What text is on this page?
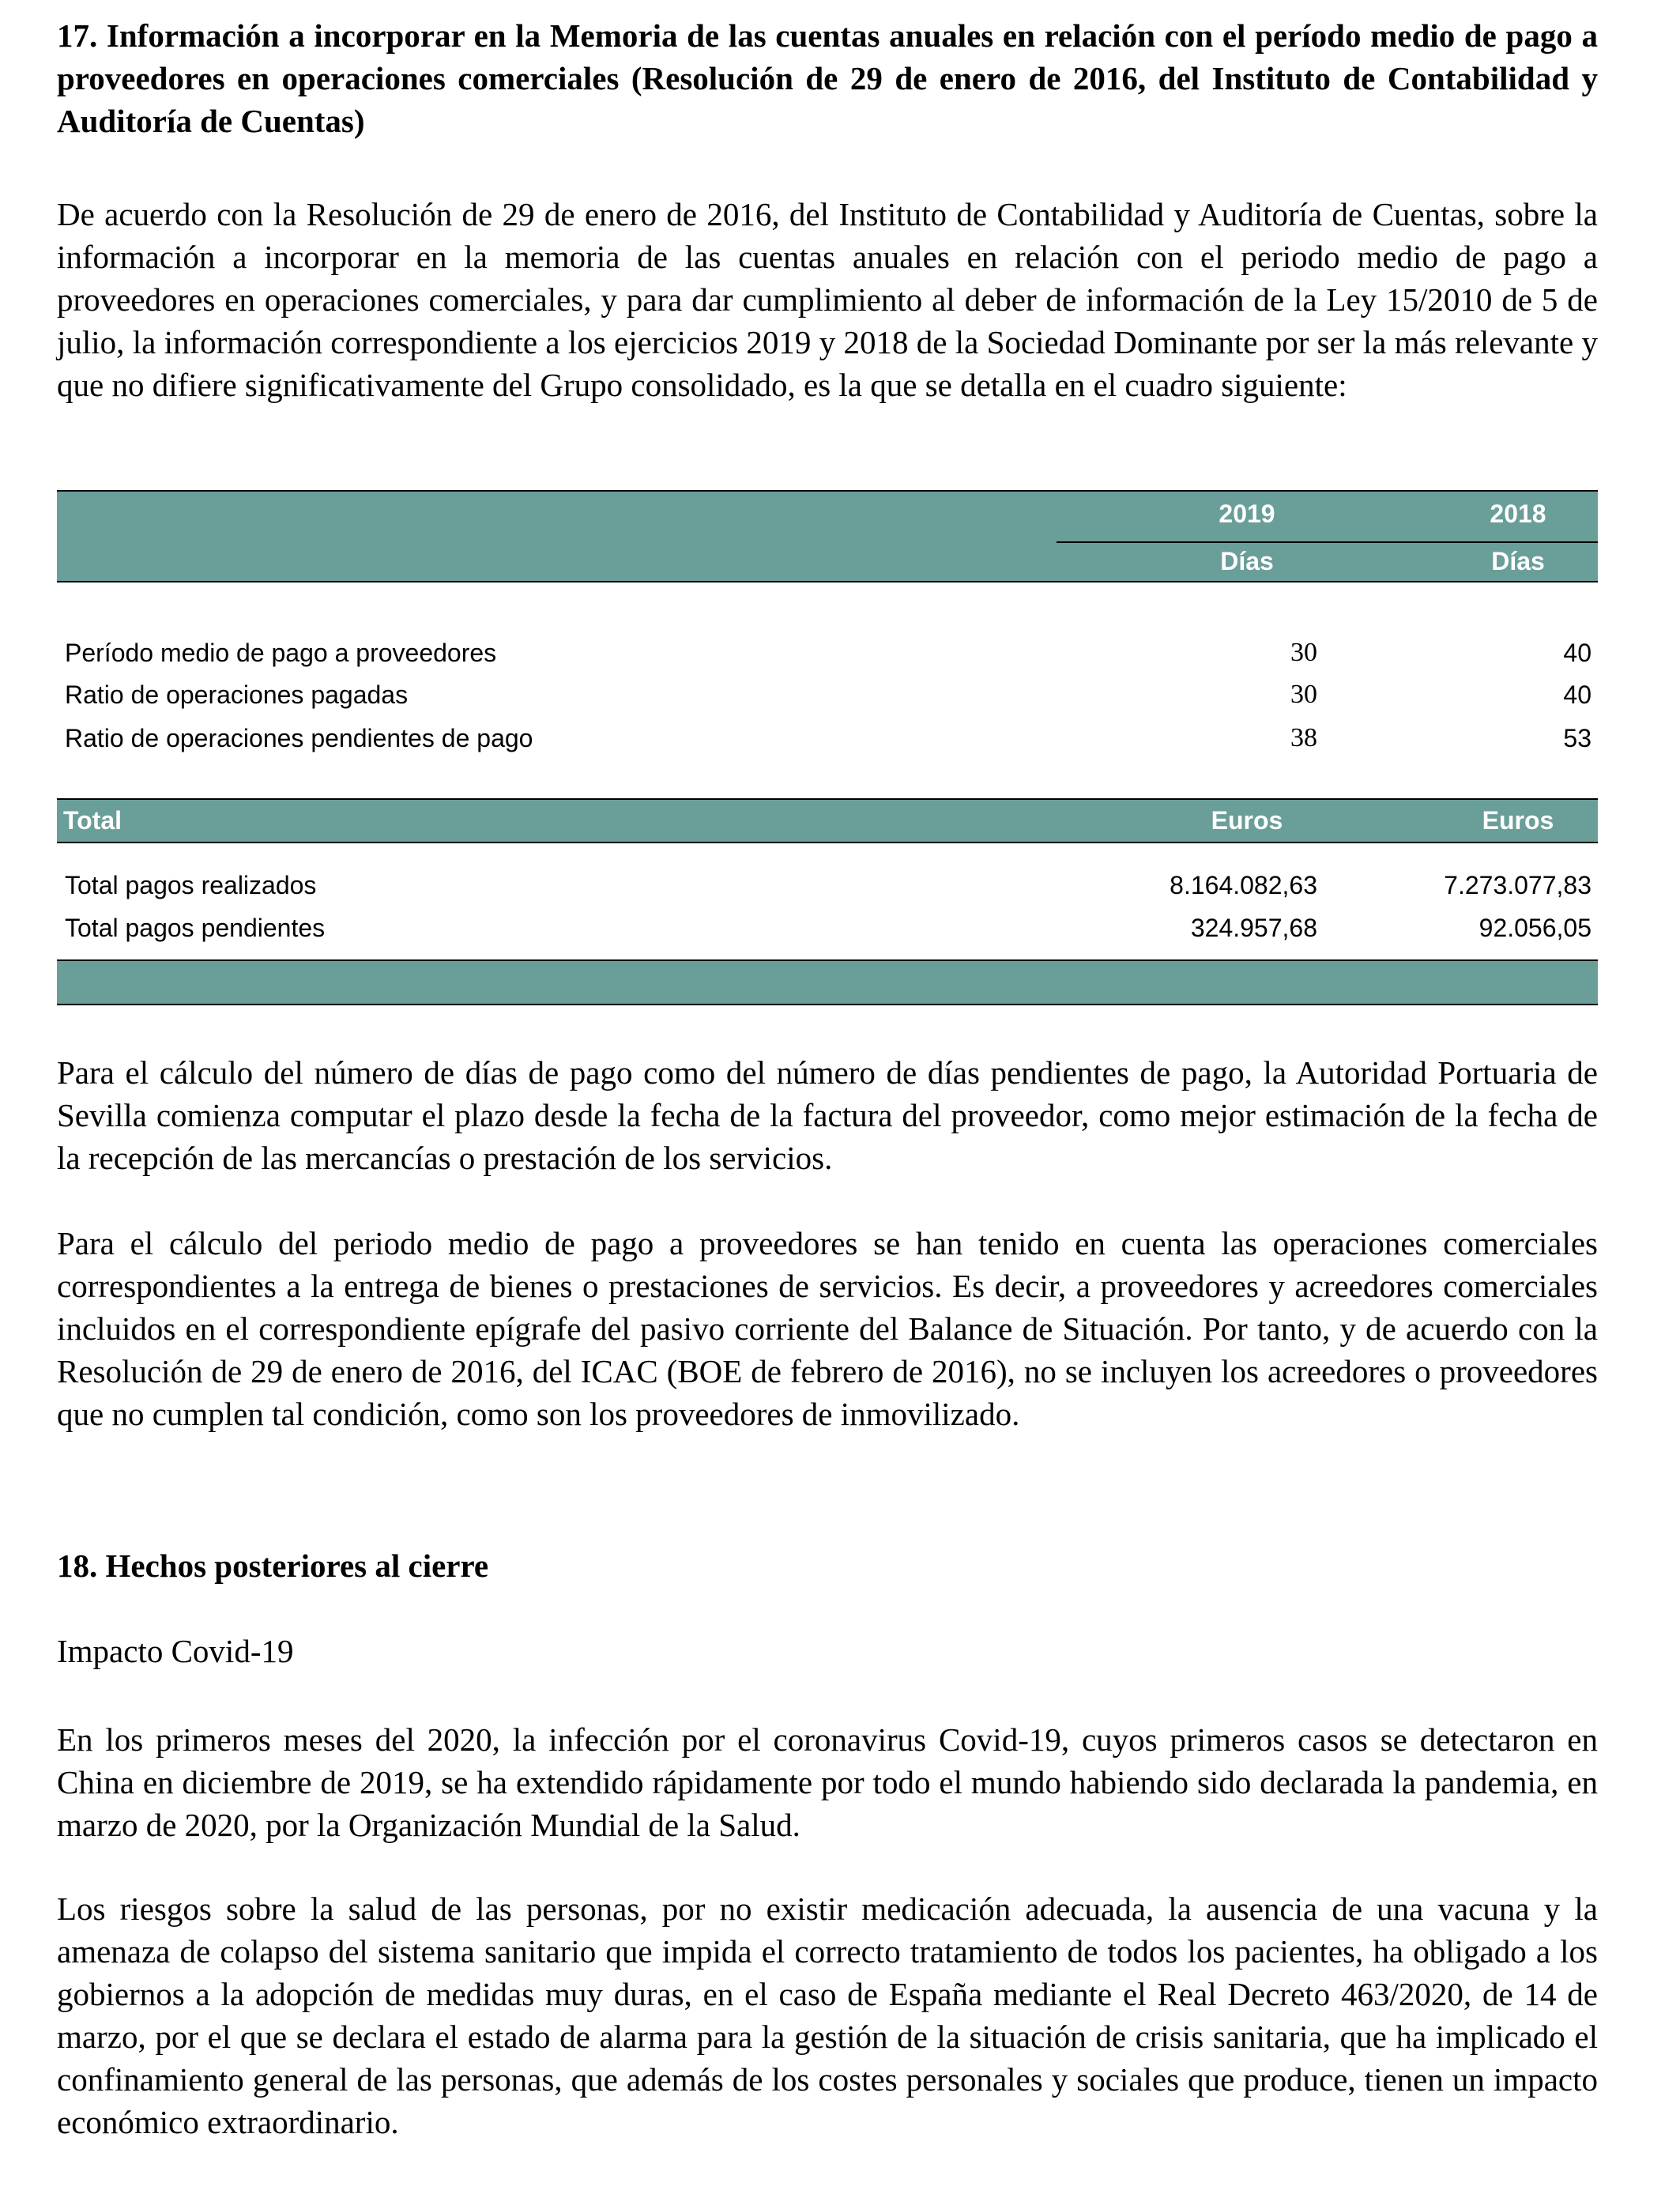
17. Información a incorporar en la Memoria de las cuentas anuales en relación con el período medio de pago a proveedores en operaciones comerciales (Resolución de 29 de enero de 2016, del Instituto de Contabilidad y Auditoría de Cuentas)

De acuerdo con la Resolución de 29 de enero de 2016, del Instituto de Contabilidad y Auditoría de Cuentas, sobre la información a incorporar en la memoria de las cuentas anuales en relación con el periodo medio de pago a proveedores en operaciones comerciales, y para dar cumplimiento al deber de información de la Ley 15/2010 de 5 de julio, la información correspondiente a los ejercicios 2019 y 2018 de la Sociedad Dominante por ser la más relevante y que no difiere significativamente del Grupo consolidado, es la que se detalla en el cuadro siguiente:

2019	2018
Días	Días
Período medio de pago a proveedores	30	40
Ratio de operaciones pagadas	30	40
Ratio de operaciones pendientes de pago	38	53
Total	Euros	Euros
Total pagos realizados	8.164.082,63	7.273.077,83
Total pagos pendientes	324.957,68	92.056,05

Para el cálculo del número de días de pago como del número de días pendientes de pago, la Autoridad Portuaria de Sevilla comienza computar el plazo desde la fecha de la factura del proveedor, como mejor estimación de la fecha de la recepción de las mercancías o prestación de los servicios.

Para el cálculo del periodo medio de pago a proveedores se han tenido en cuenta las operaciones comerciales correspondientes a la entrega de bienes o prestaciones de servicios. Es decir, a proveedores y acreedores comerciales incluidos en el correspondiente epígrafe del pasivo corriente del Balance de Situación. Por tanto, y de acuerdo con la Resolución de 29 de enero de 2016, del ICAC (BOE de febrero de 2016), no se incluyen los acreedores o proveedores que no cumplen tal condición, como son los proveedores de inmovilizado.

18. Hechos posteriores al cierre

Impacto Covid-19

En los primeros meses del 2020, la infección por el coronavirus Covid-19, cuyos primeros casos se detectaron en China en diciembre de 2019, se ha extendido rápidamente por todo el mundo habiendo sido declarada la pandemia, en marzo de 2020, por la Organización Mundial de la Salud.

Los riesgos sobre la salud de las personas, por no existir medicación adecuada, la ausencia de una vacuna y la amenaza de colapso del sistema sanitario que impida el correcto tratamiento de todos los pacientes, ha obligado a los gobiernos a la adopción de medidas muy duras, en el caso de España mediante el Real Decreto 463/2020, de 14 de marzo, por el que se declara el estado de alarma para la gestión de la situación de crisis sanitaria, que ha implicado el confinamiento general de las personas, que además de los costes personales y sociales que produce, tienen un impacto económico extraordinario.
